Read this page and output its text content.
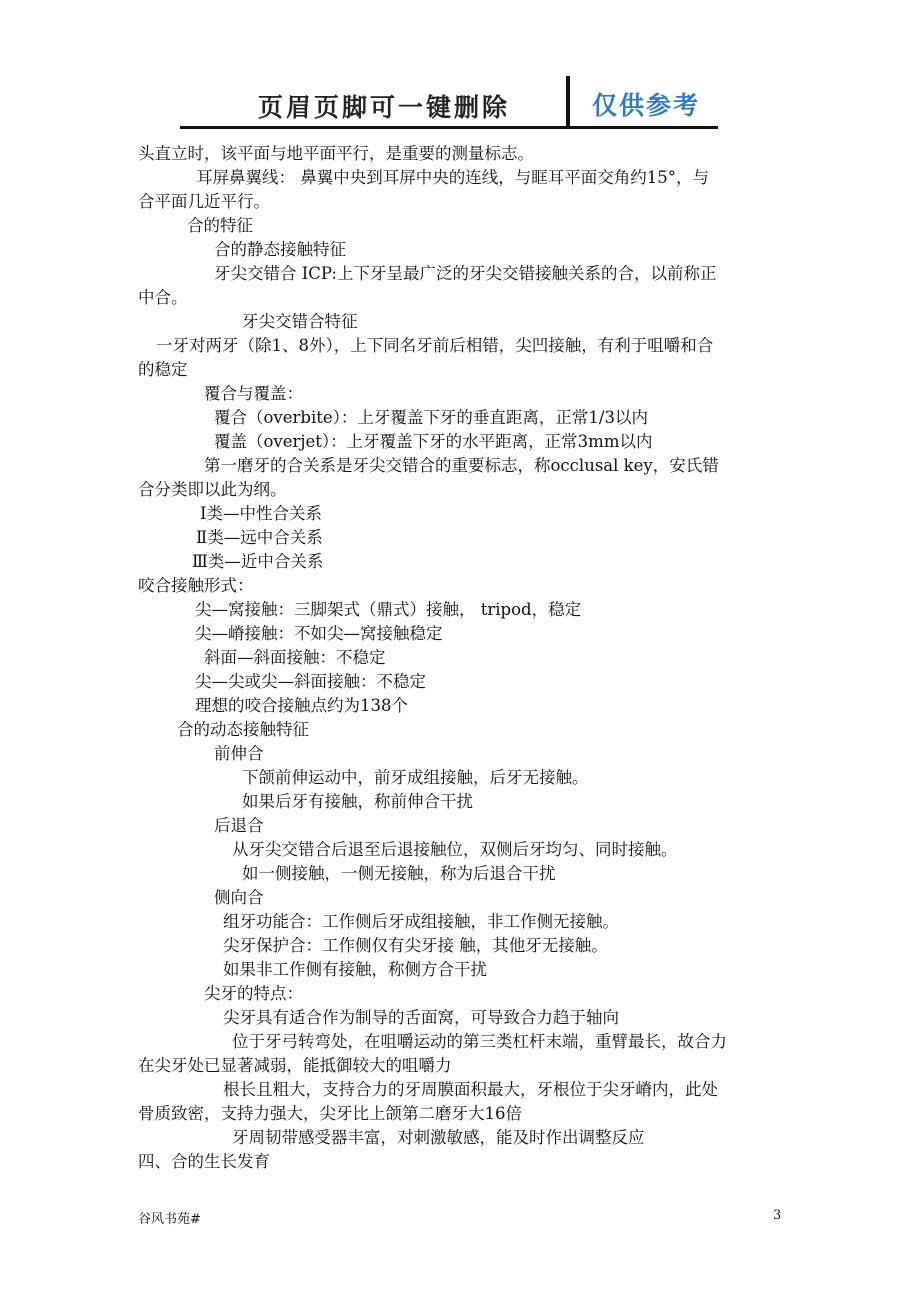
页眉页脚可一键删除	仅供参考
头直立时，该平面与地平面平行，是重要的测量标志。
耳屏鼻翼线： 鼻翼中央到耳屏中央的连线，与眶耳平面交角约15°，与
合平面几近平行。
合的特征
合的静态接触特征
牙尖交错合 ICP:上下牙呈最广泛的牙尖交错接触关系的合，以前称正
中合。
牙尖交错合特征
一牙对两牙（除1、8外），上下同名牙前后相错，尖凹接触，有利于咀嚼和合
的稳定
覆合与覆盖：
覆合（overbite）：上牙覆盖下牙的垂直距离，正常1/3以内
覆盖（overjet）：上牙覆盖下牙的水平距离，正常3mm以内
第一磨牙的合关系是牙尖交错合的重要标志，称occlusal key，安氏错
合分类即以此为纲。
Ⅰ类—中性合关系
Ⅱ类—远中合关系
Ⅲ类—近中合关系
咬合接触形式：
尖—窝接触：三脚架式（鼎式）接触， tripod，稳定
尖—嵴接触：不如尖—窝接触稳定
斜面—斜面接触：不稳定
尖—尖或尖—斜面接触：不稳定
理想的咬合接触点约为138个
合的动态接触特征
前伸合
下颌前伸运动中，前牙成组接触，后牙无接触。
如果后牙有接触，称前伸合干扰
后退合
从牙尖交错合后退至后退接触位，双侧后牙均匀、同时接触。
如一侧接触，一侧无接触，称为后退合干扰
侧向合
组牙功能合：工作侧后牙成组接触，非工作侧无接触。
尖牙保护合：工作侧仅有尖牙接 触，其他牙无接触。
如果非工作侧有接触，称侧方合干扰
尖牙的特点：
尖牙具有适合作为制导的舌面窝，可导致合力趋于轴向
位于牙弓转弯处，在咀嚼运动的第三类杠杆末端，重臂最长，故合力
在尖牙处已显著减弱，能抵御较大的咀嚼力
根长且粗大，支持合力的牙周膜面积最大，牙根位于尖牙嵴内，此处
骨质致密，支持力强大，尖牙比上颌第二磨牙大16倍
牙周韧带感受器丰富，对刺激敏感，能及时作出调整反应
四、合的生长发育
谷风书苑#	3
